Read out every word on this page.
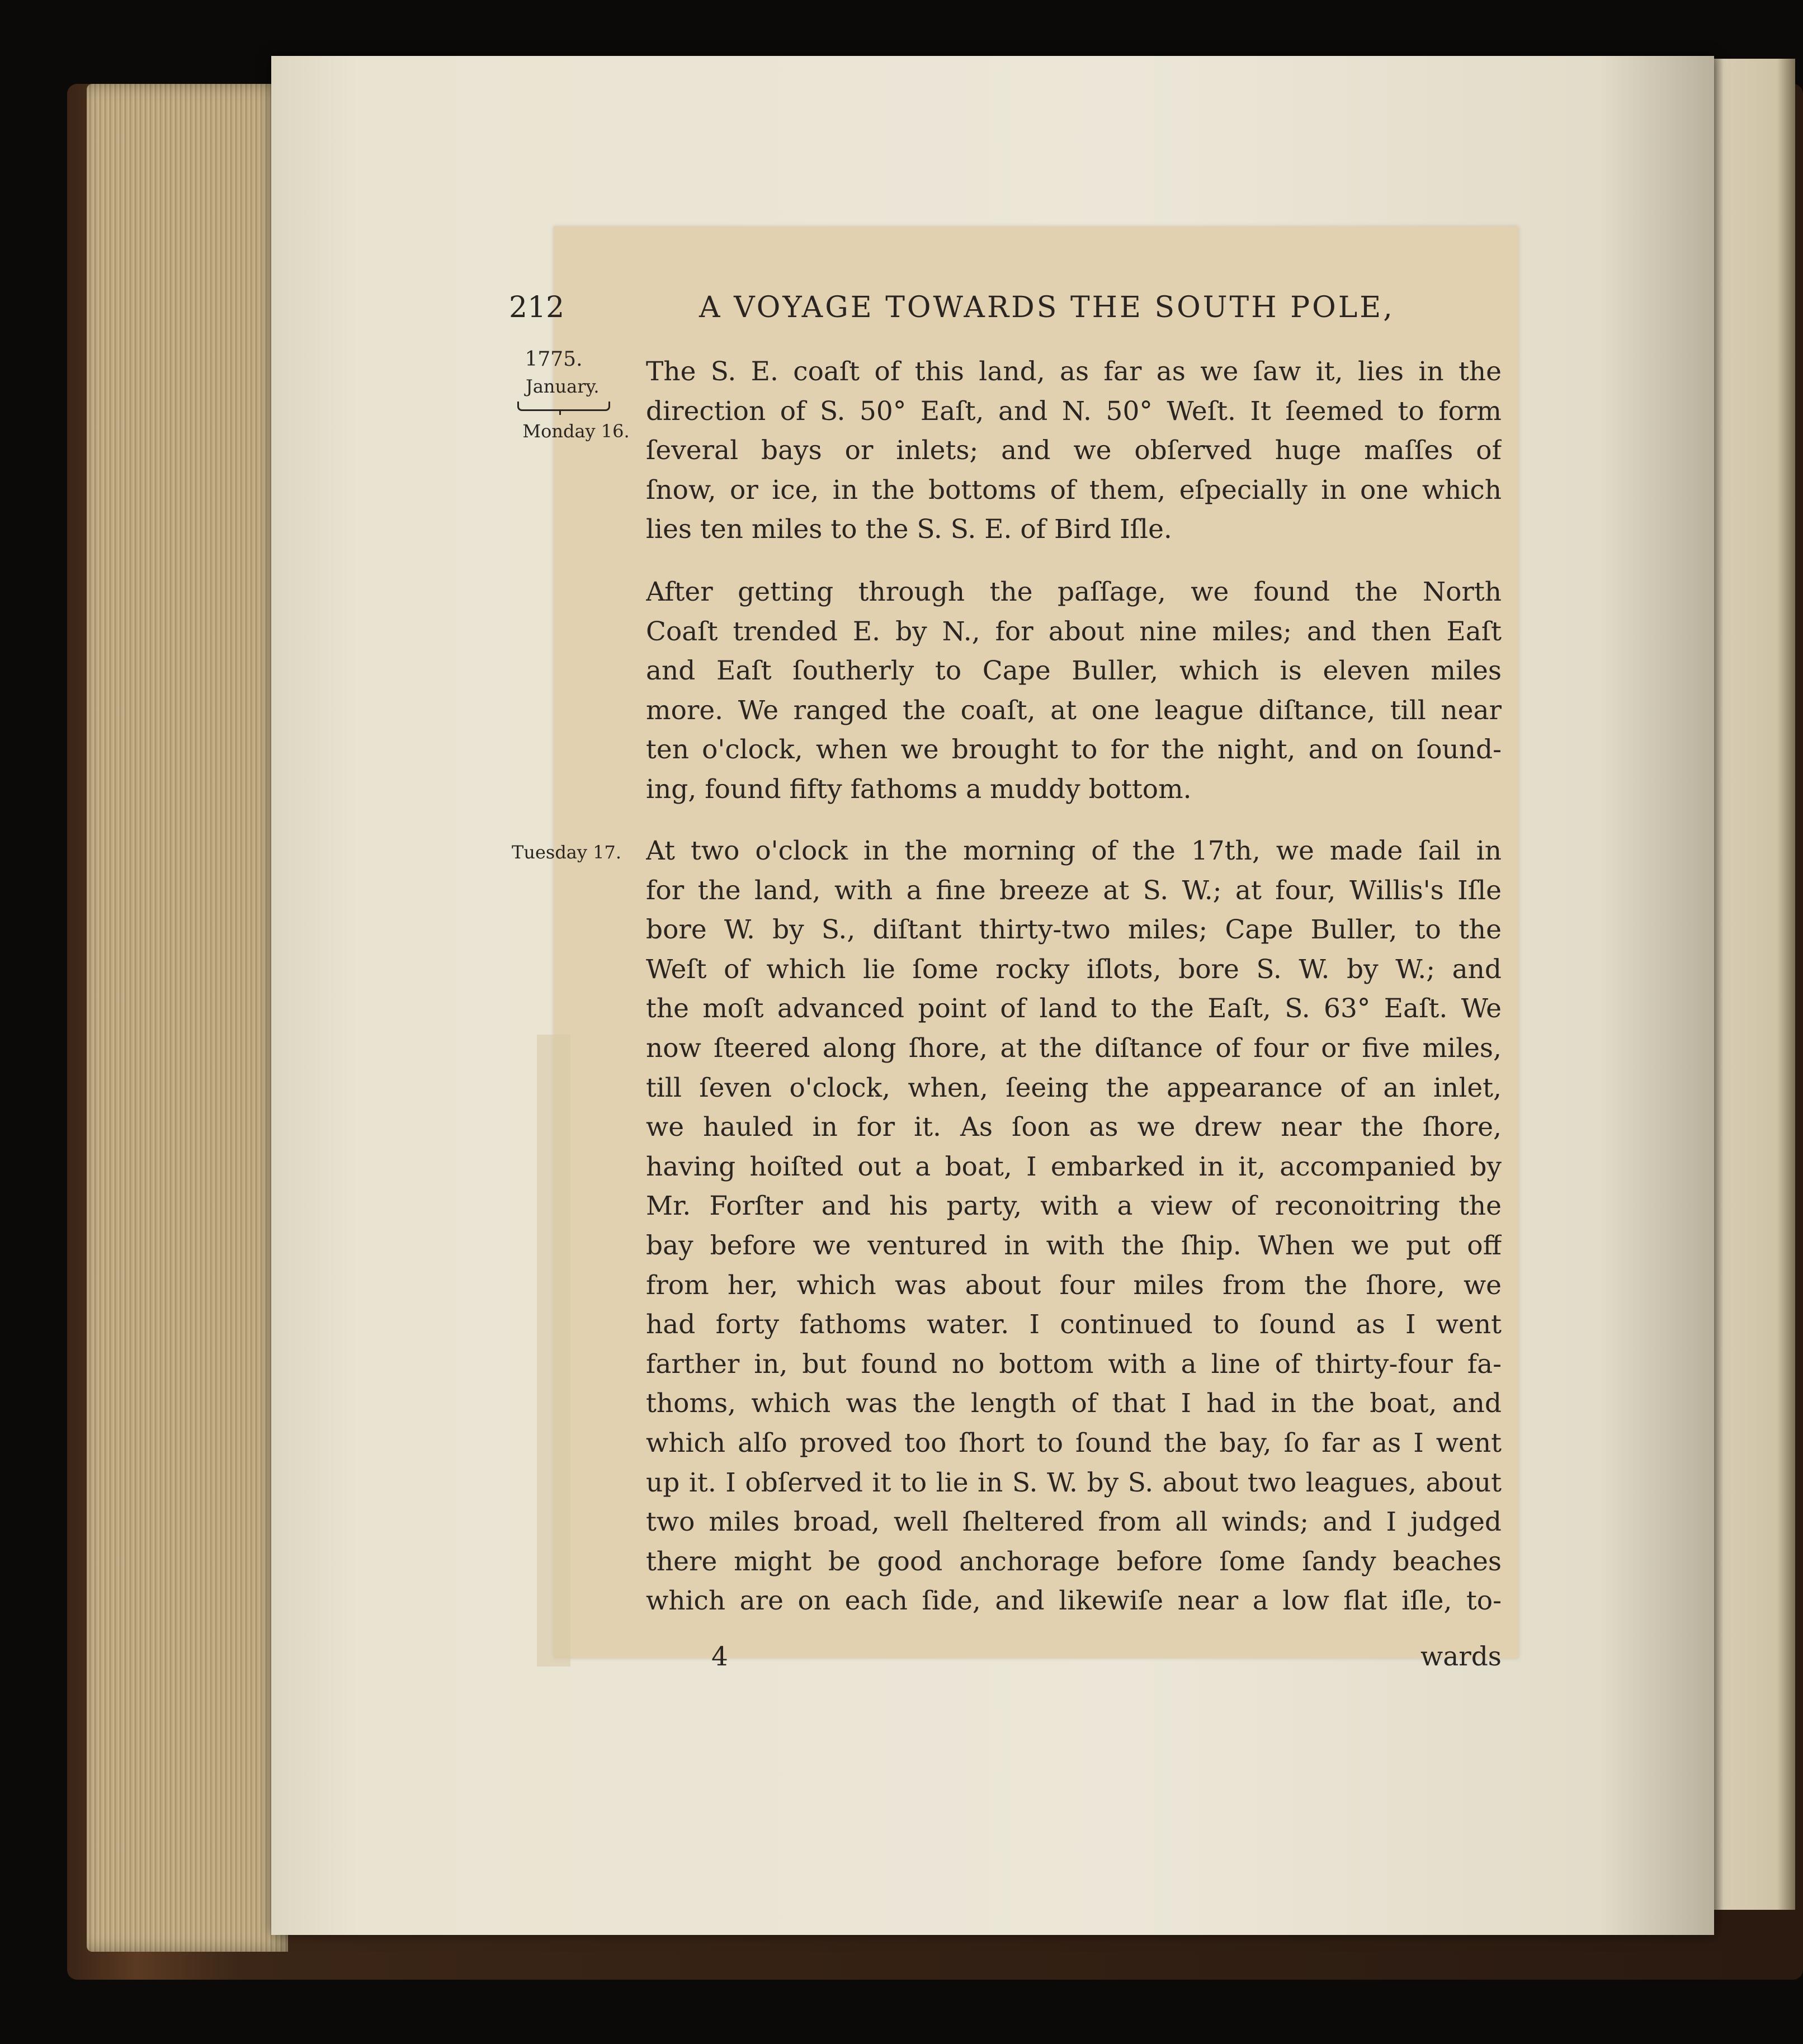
212	A VOYAGE TOWARDS THE SOUTH POLE,
1775.
January.
Monday 16.
Tuesday 17.
The S. E. coaſt of this land, as far as we ſaw it, lies in the
direction of S. 50° Eaſt, and N. 50° Weſt. It ſeemed to form
ſeveral bays or inlets; and we obſerved huge maſſes of
ſnow, or ice, in the bottoms of them, eſpecially in one which
lies ten miles to the S. S. E. of Bird Iſle.
After getting through the paſſage, we found the North
Coaſt trended E. by N., for about nine miles; and then Eaſt
and Eaſt ſoutherly to Cape Buller, which is eleven miles
more. We ranged the coaſt, at one league diſtance, till near
ten o'clock, when we brought to for the night, and on ſound-
ing, found fifty fathoms a muddy bottom.
At two o'clock in the morning of the 17th, we made ſail in
for the land, with a fine breeze at S. W.; at four, Willis's Iſle
bore W. by S., diſtant thirty-two miles; Cape Buller, to the
Weſt of which lie ſome rocky iſlots, bore S. W. by W.; and
the moſt advanced point of land to the Eaſt, S. 63° Eaſt. We
now ſteered along ſhore, at the diſtance of four or five miles,
till ſeven o'clock, when, ſeeing the appearance of an inlet,
we hauled in for it. As ſoon as we drew near the ſhore,
having hoiſted out a boat, I embarked in it, accompanied by
Mr. Forſter and his party, with a view of reconoitring the
bay before we ventured in with the ſhip. When we put off
from her, which was about four miles from the ſhore, we
had forty fathoms water. I continued to ſound as I went
farther in, but found no bottom with a line of thirty-four fa-
thoms, which was the length of that I had in the boat, and
which alſo proved too ſhort to ſound the bay, ſo far as I went
up it. I obſerved it to lie in S. W. by S. about two leagues, about
two miles broad, well ſheltered from all winds; and I judged
there might be good anchorage before ſome ſandy beaches
which are on each ſide, and likewiſe near a low flat iſle, to-
4	wards
